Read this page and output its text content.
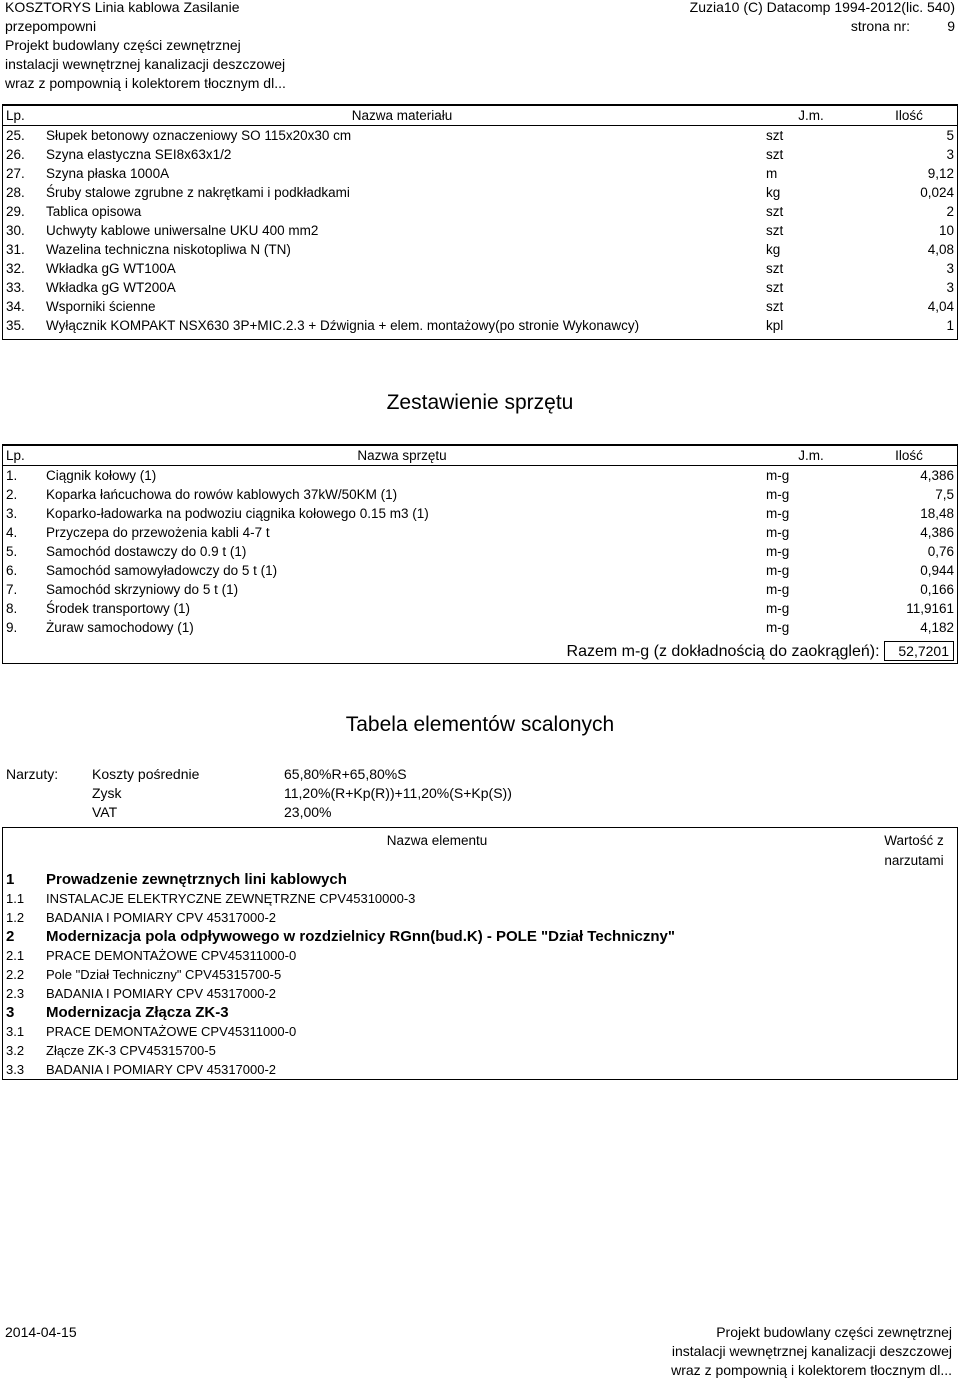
KOSZTORYS Linia kablowa Zasilanie
przepompowni
Projekt budowlany części zewnętrznej
instalacji wewnętrznej kanalizacji deszczowej
wraz z pompownią i kolektorem tłocznym dl...
Zuzia10 (C) Datacomp 1994-2012(lic. 540)
strona nr:	9
Lp.	Nazwa materiału	J.m.	Ilość
25.	Słupek betonowy oznaczeniowy SO 115x20x30 cm	szt	5
26.	Szyna elastyczna SEI8x63x1/2	szt	3
27.	Szyna płaska 1000A	m	9,12
28.	Śruby stalowe zgrubne z nakrętkami i podkładkami	kg	0,024
29.	Tablica opisowa	szt	2
30.	Uchwyty kablowe uniwersalne UKU 400 mm2	szt	10
31.	Wazelina techniczna niskotopliwa N (TN)	kg	4,08
32.	Wkładka gG WT100A	szt	3
33.	Wkładka gG WT200A	szt	3
34.	Wsporniki ścienne	szt	4,04
35.	Wyłącznik KOMPAKT NSX630 3P+MIC.2.3 + Dźwignia + elem. montażowy(po stronie Wykonawcy)	kpl	1
Zestawienie sprzętu
Lp.	Nazwa sprzętu	J.m.	Ilość
1.	Ciągnik kołowy (1)	m-g	4,386
2.	Koparka łańcuchowa do rowów kablowych 37kW/50KM (1)	m-g	7,5
3.	Koparko-ładowarka na podwoziu ciągnika kołowego 0.15 m3 (1)	m-g	18,48
4.	Przyczepa do przewożenia kabli 4-7 t	m-g	4,386
5.	Samochód dostawczy do 0.9 t (1)	m-g	0,76
6.	Samochód samowyładowczy do 5 t (1)	m-g	0,944
7.	Samochód skrzyniowy do 5 t (1)	m-g	0,166
8.	Środek transportowy (1)	m-g	11,9161
9.	Żuraw samochodowy (1)	m-g	4,182
Razem m-g (z dokładnością do zaokrągleń): 52,7201
Tabela elementów scalonych
Narzuty: Koszty pośrednie	65,80%R+65,80%S
Zysk	11,20%(R+Kp(R))+11,20%(S+Kp(S))
VAT	23,00%
Nazwa elementu		Wartość z
		narzutami
1	Prowadzenie zewnętrznych lini kablowych	
1.1	INSTALACJE ELEKTRYCZNE ZEWNĘTRZNE CPV45310000-3	
1.2	BADANIA I POMIARY CPV 45317000-2	
2	Modernizacja pola odpływowego w rozdzielnicy RGnn(bud.K) - POLE "Dział Techniczny"	
2.1	PRACE DEMONTAŻOWE CPV45311000-0	
2.2	Pole "Dział Techniczny" CPV45315700-5	
2.3	BADANIA I POMIARY CPV 45317000-2	
3	Modernizacja Złącza ZK-3	
3.1	PRACE DEMONTAŻOWE CPV45311000-0	
3.2	Złącze ZK-3 CPV45315700-5	
3.3	BADANIA I POMIARY CPV 45317000-2	
2014-04-15	Projekt budowlany części zewnętrznej
instalacji wewnętrznej kanalizacji deszczowej
wraz z pompownią i kolektorem tłocznym dl...
